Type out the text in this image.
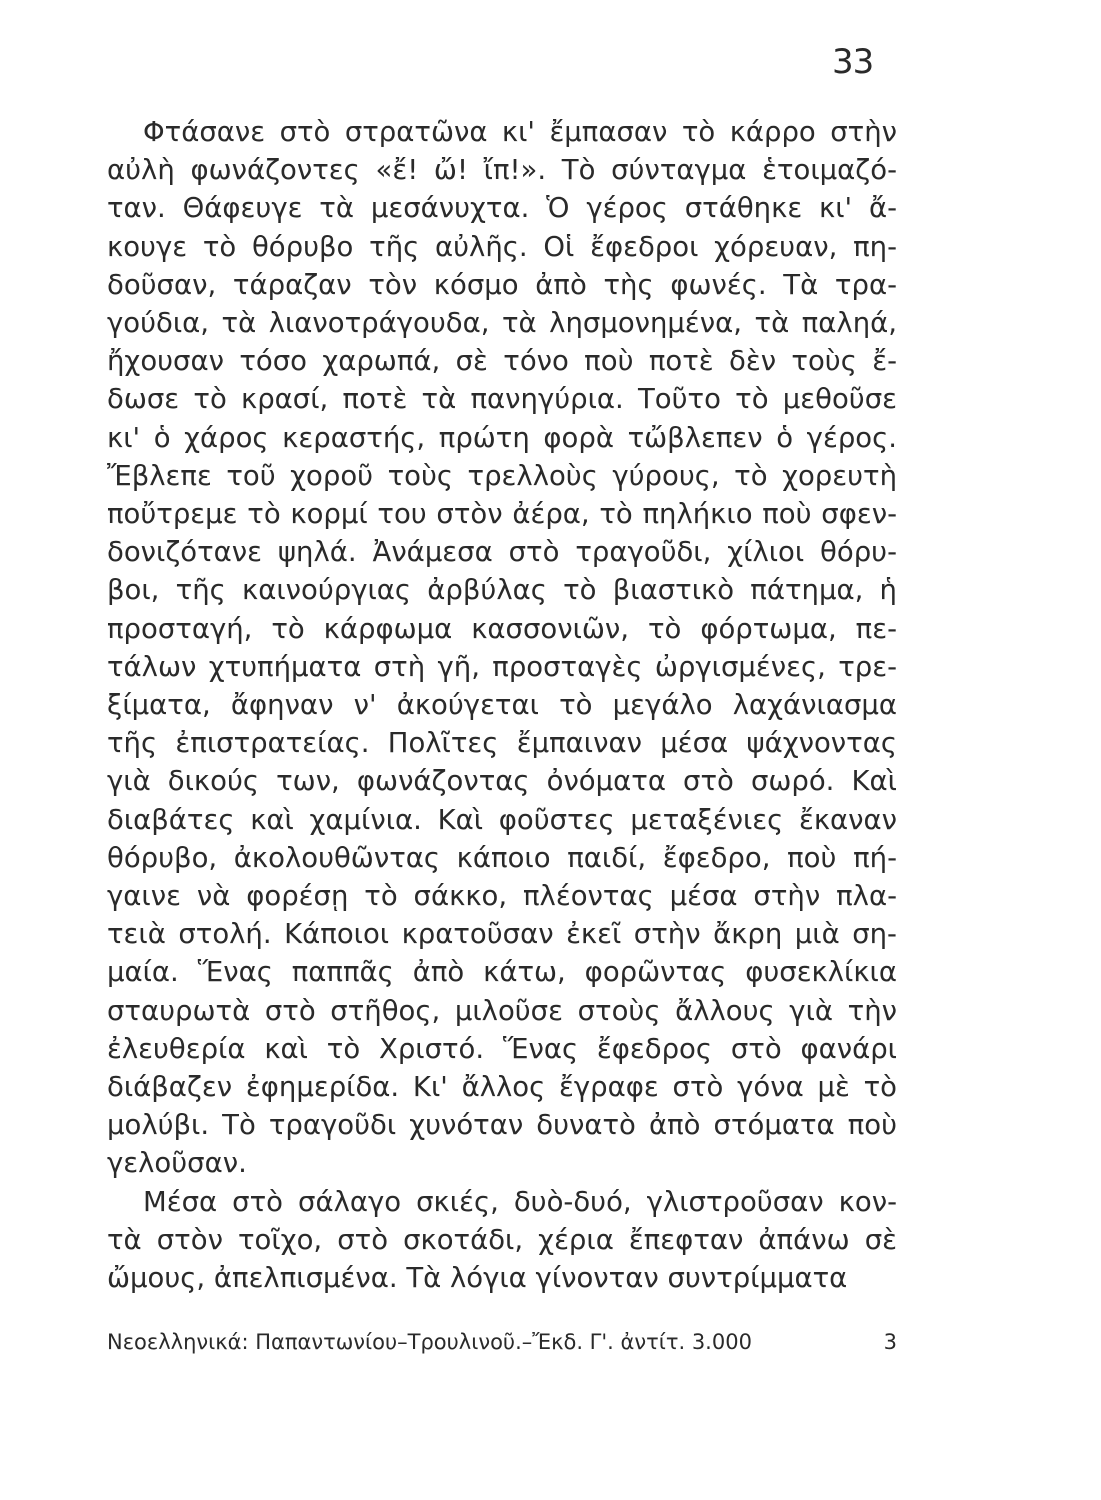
33

Φτάσανε στὸ στρατῶνα κι' ἔμπασαν τὸ κάρρο στὴν
αὐλὴ φωνάζοντες «ἔ! ὤ! ἴπ!». Τὸ σύνταγμα ἑτοιμαζό-
ταν. Θάφευγε τὰ μεσάνυχτα. Ὁ γέρος στάθηκε κι' ἄ-
κουγε τὸ θόρυβο τῆς αὐλῆς. Οἱ ἔφεδροι χόρευαν, πη-
δοῦσαν, τάραζαν τὸν κόσμο ἀπὸ τὴς φωνές. Τὰ τρα-
γούδια, τὰ λιανοτράγουδα, τὰ λησμονημένα, τὰ παληά,
ἤχουσαν τόσο χαρωπά, σὲ τόνο ποὺ ποτὲ δὲν τοὺς ἔ-
δωσε τὸ κρασί, ποτὲ τὰ πανηγύρια. Τοῦτο τὸ μεθοῦσε
κι' ὁ χάρος κεραστής, πρώτη φορὰ τὤβλεπεν ὁ γέρος.
Ἔβλεπε τοῦ χοροῦ τοὺς τρελλοὺς γύρους, τὸ χορευτὴ
ποὔτρεμε τὸ κορμί του στὸν ἀέρα, τὸ πηλήκιο ποὺ σφεν-
δονιζότανε ψηλά. Ἀνάμεσα στὸ τραγοῦδι, χίλιοι θόρυ-
βοι, τῆς καινούργιας ἀρβύλας τὸ βιαστικὸ πάτημα, ἡ
προσταγή, τὸ κάρφωμα κασσονιῶν, τὸ φόρτωμα, πε-
τάλων χτυπήματα στὴ γῆ, προσταγὲς ὠργισμένες, τρε-
ξίματα, ἄφηναν ν' ἀκούγεται τὸ μεγάλο λαχάνιασμα
τῆς ἐπιστρατείας. Πολῖτες ἔμπαιναν μέσα ψάχνοντας
γιὰ δικούς των, φωνάζοντας ὀνόματα στὸ σωρό. Καὶ
διαβάτες καὶ χαμίνια. Καὶ φοῦστες μεταξένιες ἔκαναν
θόρυβο, ἀκολουθῶντας κάποιο παιδί, ἔφεδρο, ποὺ πή-
γαινε νὰ φορέσῃ τὸ σάκκο, πλέοντας μέσα στὴν πλα-
τειὰ στολή. Κάποιοι κρατοῦσαν ἐκεῖ στὴν ἄκρη μιὰ ση-
μαία. Ἕνας παππᾶς ἀπὸ κάτω, φορῶντας φυσεκλίκια
σταυρωτὰ στὸ στῆθος, μιλοῦσε στοὺς ἄλλους γιὰ τὴν
ἐλευθερία καὶ τὸ Χριστό. Ἕνας ἔφεδρος στὸ φανάρι
διάβαζεν ἐφημερίδα. Κι' ἄλλος ἔγραφε στὸ γόνα μὲ τὸ
μολύβι. Τὸ τραγοῦδι χυνόταν δυνατὸ ἀπὸ στόματα ποὺ
γελοῦσαν.

Μέσα στὸ σάλαγο σκιές, δυὸ-δυό, γλιστροῦσαν κον-
τὰ στὸν τοῖχο, στὸ σκοτάδι, χέρια ἔπεφταν ἀπάνω σὲ
ὤμους, ἀπελπισμένα. Τὰ λόγια γίνονταν συντρίμματα

Νεοελληνικά: Παπαντωνίου–Τρουλινοῦ.–Ἔκδ. Γ'. ἀντίτ. 3.000	3
